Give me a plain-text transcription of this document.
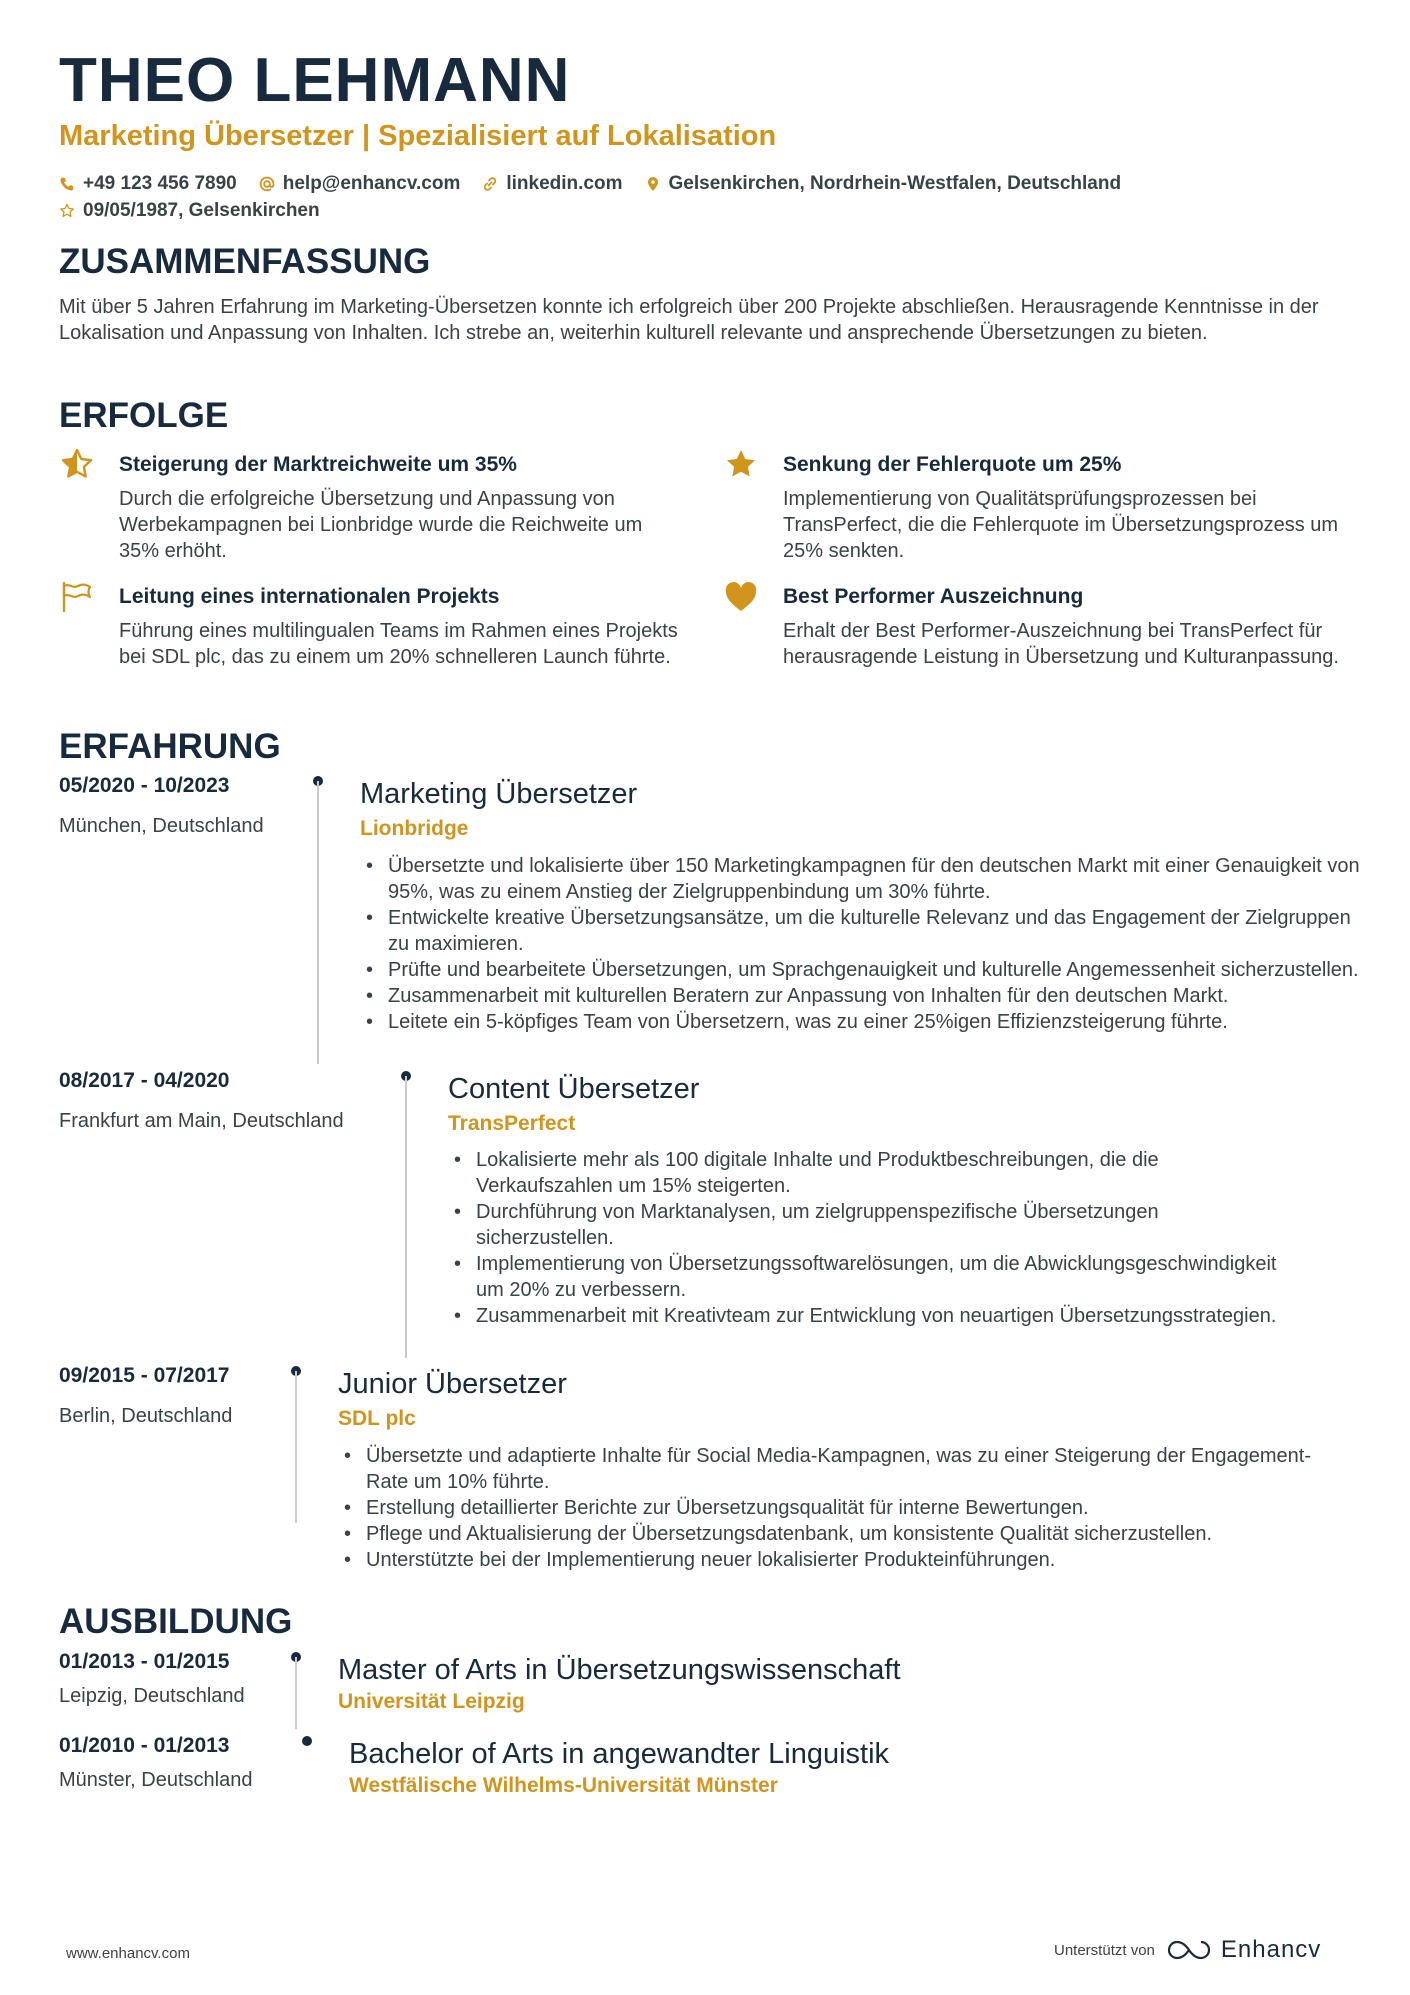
THEO LEHMANN
Marketing Übersetzer | Spezialisiert auf Lokalisation
+49 123 456 7890 help@enhancv.com linkedin.com Gelsenkirchen, Nordrhein-Westfalen, Deutschland
09/05/1987, Gelsenkirchen
ZUSAMMENFASSUNG
Mit über 5 Jahren Erfahrung im Marketing-Übersetzen konnte ich erfolgreich über 200 Projekte abschließen. Herausragende Kenntnisse in der Lokalisation und Anpassung von Inhalten. Ich strebe an, weiterhin kulturell relevante und ansprechende Übersetzungen zu bieten.
ERFOLGE
Steigerung der Marktreichweite um 35%
Durch die erfolgreiche Übersetzung und Anpassung von Werbekampagnen bei Lionbridge wurde die Reichweite um 35% erhöht.
Senkung der Fehlerquote um 25%
Implementierung von Qualitätsprüfungsprozessen bei TransPerfect, die die Fehlerquote im Übersetzungsprozess um 25% senkten.
Leitung eines internationalen Projekts
Führung eines multilingualen Teams im Rahmen eines Projekts bei SDL plc, das zu einem um 20% schnelleren Launch führte.
Best Performer Auszeichnung
Erhalt der Best Performer-Auszeichnung bei TransPerfect für herausragende Leistung in Übersetzung und Kulturanpassung.
ERFAHRUNG
05/2020 - 10/2023
München, Deutschland
Marketing Übersetzer
Lionbridge
• Übersetzte und lokalisierte über 150 Marketingkampagnen für den deutschen Markt mit einer Genauigkeit von 95%, was zu einem Anstieg der Zielgruppenbindung um 30% führte.
• Entwickelte kreative Übersetzungsansätze, um die kulturelle Relevanz und das Engagement der Zielgruppen zu maximieren.
• Prüfte und bearbeitete Übersetzungen, um Sprachgenauigkeit und kulturelle Angemessenheit sicherzustellen.
• Zusammenarbeit mit kulturellen Beratern zur Anpassung von Inhalten für den deutschen Markt.
• Leitete ein 5-köpfiges Team von Übersetzern, was zu einer 25%igen Effizienzsteigerung führte.
08/2017 - 04/2020
Frankfurt am Main, Deutschland
Content Übersetzer
TransPerfect
• Lokalisierte mehr als 100 digitale Inhalte und Produktbeschreibungen, die die Verkaufszahlen um 15% steigerten.
• Durchführung von Marktanalysen, um zielgruppenspezifische Übersetzungen sicherzustellen.
• Implementierung von Übersetzungssoftwarelösungen, um die Abwicklungsgeschwindigkeit um 20% zu verbessern.
• Zusammenarbeit mit Kreativteam zur Entwicklung von neuartigen Übersetzungsstrategien.
09/2015 - 07/2017
Berlin, Deutschland
Junior Übersetzer
SDL plc
• Übersetzte und adaptierte Inhalte für Social Media-Kampagnen, was zu einer Steigerung der Engagement-Rate um 10% führte.
• Erstellung detaillierter Berichte zur Übersetzungsqualität für interne Bewertungen.
• Pflege und Aktualisierung der Übersetzungsdatenbank, um konsistente Qualität sicherzustellen.
• Unterstützte bei der Implementierung neuer lokalisierter Produkteinführungen.
AUSBILDUNG
01/2013 - 01/2015
Leipzig, Deutschland
Master of Arts in Übersetzungswissenschaft
Universität Leipzig
01/2010 - 01/2013
Münster, Deutschland
Bachelor of Arts in angewandter Linguistik
Westfälische Wilhelms-Universität Münster
www.enhancv.com	Unterstützt von	Enhancv
